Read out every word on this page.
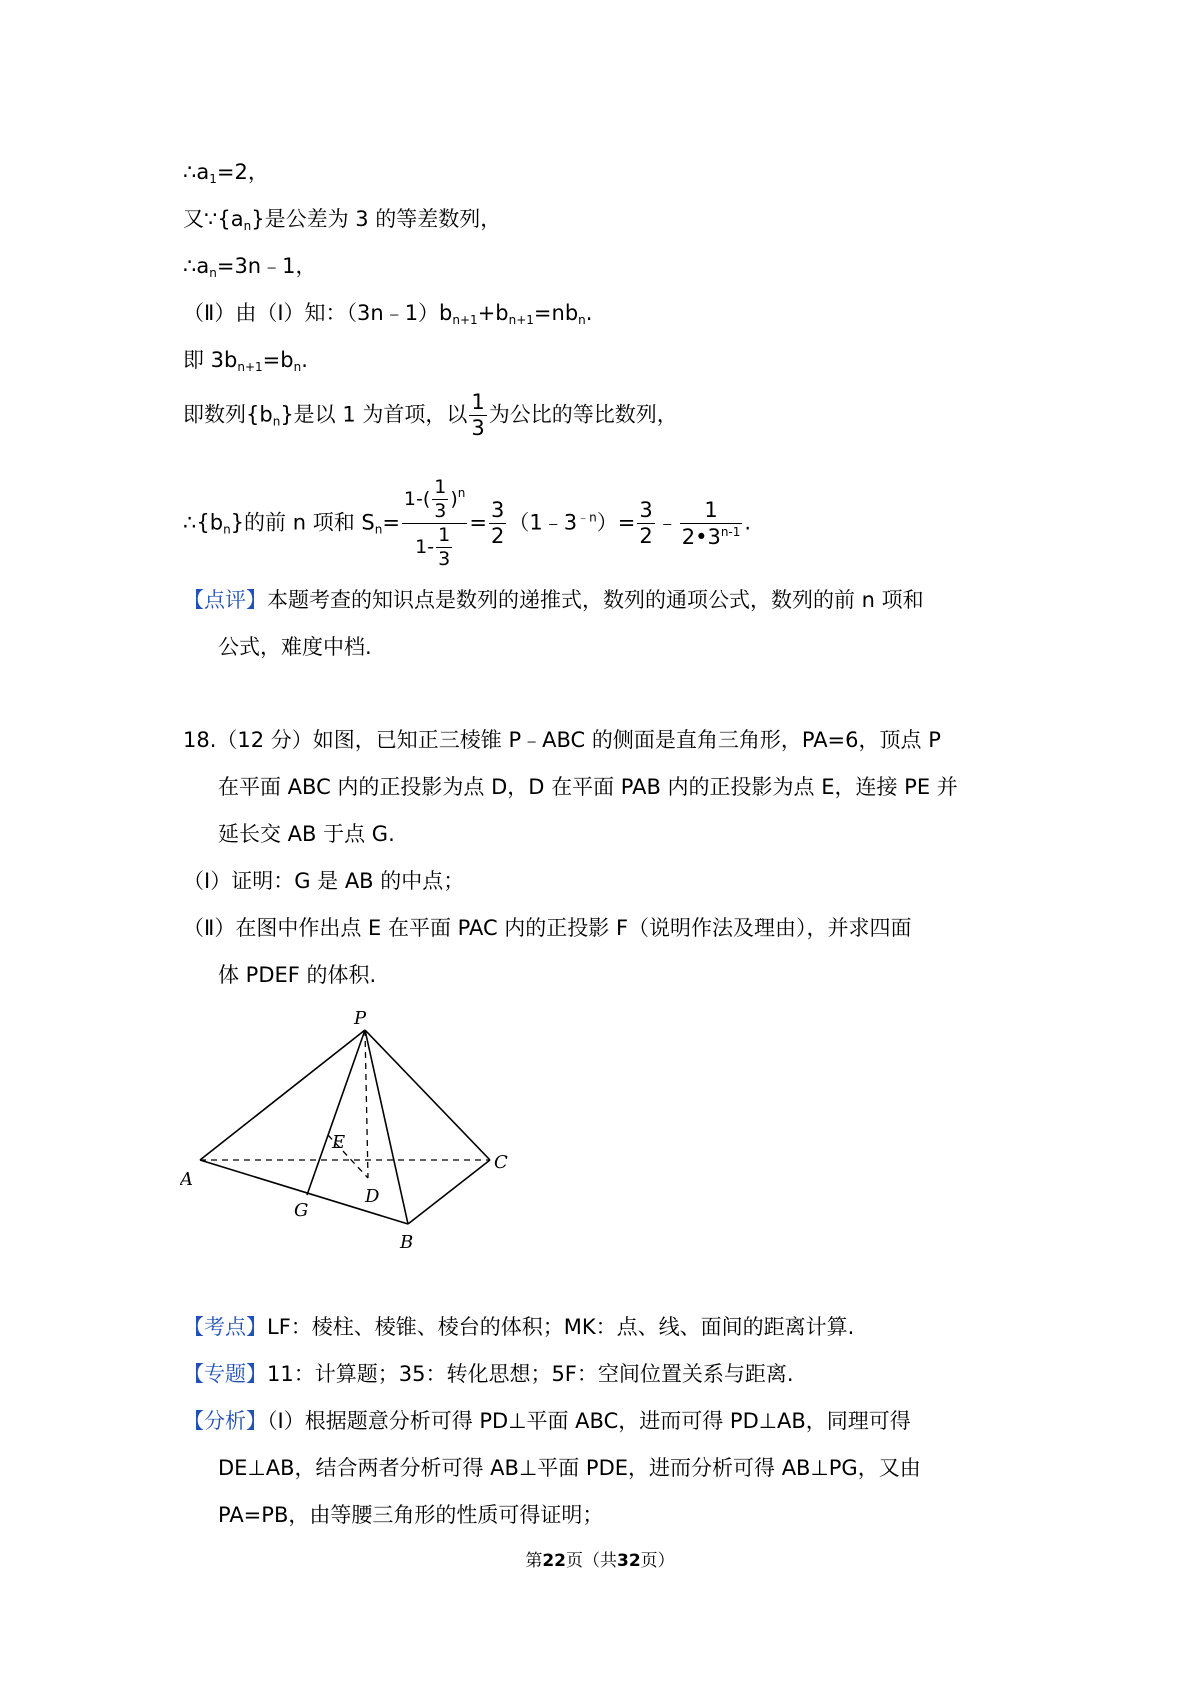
$\therefore a_1=2$，
又$\because\{a_n\}$是公差为 3 的等差数列，
$\therefore a_n=3n﹣1$，
（Ⅱ）由（Ⅰ）知：$(3n﹣1)b_{n+1}+b_{n+1}=nb_n$.
即 $3b_{n+1}=b_n$.
即数列$\{b_n\}$是以 1 为首项，以 $\frac{1}{3}$ 为公比的等比数列，
$\therefore\{b_n\}$的前 n 项和 $S_n= \frac{1-( \frac{1}{3} )^n}{1- \frac{1}{3}} = \frac{3}{2}$ $(1﹣3^{﹣n})= \frac{3}{2}$ ﹣ $\frac{1}{2•3^{n-1}}$ .
【点评】本题考查的知识点是数列的递推式，数列的通项公式，数列的前 n 项和
公式，难度中档.
18.（12 分）如图，已知正三棱锥 P﹣ABC 的侧面是直角三角形，PA=6，顶点 P
在平面 ABC 内的正投影为点 D，D 在平面 PAB 内的正投影为点 E，连接 PE 并
延长交 AB 于点 G.
（Ⅰ）证明：G 是 AB 的中点；
（Ⅱ）在图中作出点 E 在平面 PAC 内的正投影 F（说明作法及理由），并求四面
体 PDEF 的体积.
P
A
B
C
D
E
G
【考点】LF：棱柱、棱锥、棱台的体积；MK：点、线、面间的距离计算.
【专题】11：计算题；35：转化思想；5F：空间位置关系与距离.
【分析】（Ⅰ）根据题意分析可得 PD⊥平面 ABC，进而可得 PD⊥AB，同理可得
DE⊥AB，结合两者分析可得 AB⊥平面 PDE，进而分析可得 AB⊥PG，又由
PA=PB，由等腰三角形的性质可得证明；
第22页（共32页）
